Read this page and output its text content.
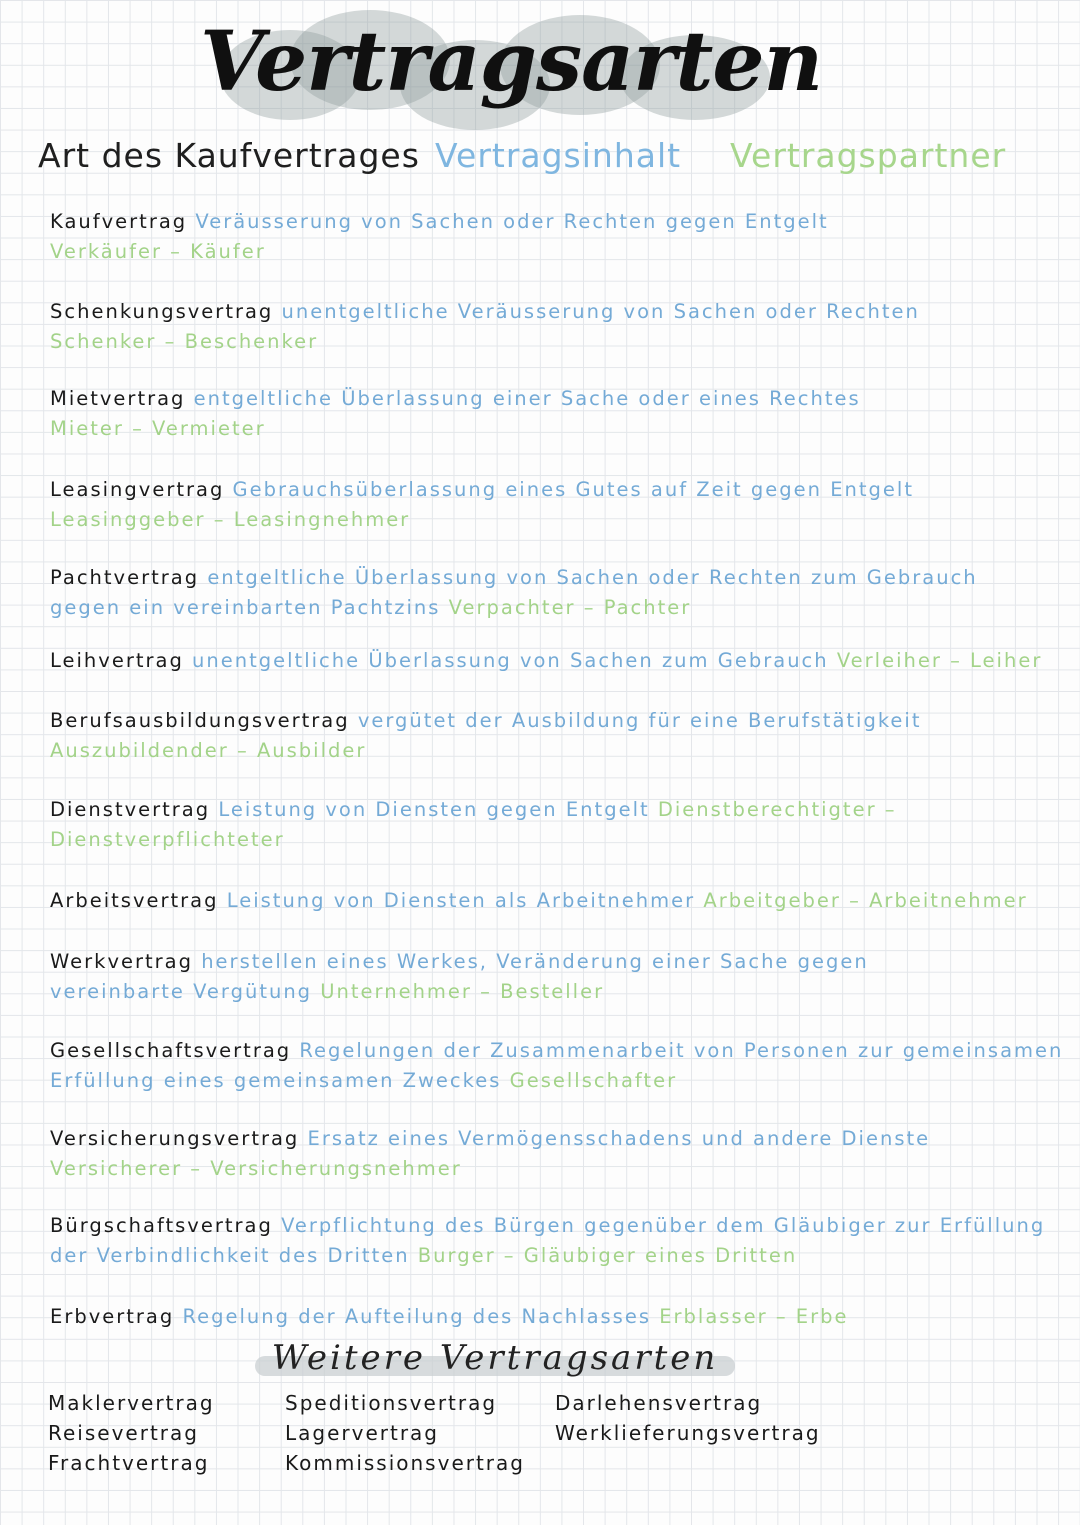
Vertragsarten
Art des Kaufvertrages Vertragsinhalt Vertragspartner
Kaufvertrag Veräusserung von Sachen oder Rechten gegen Entgelt
Verkäufer – Käufer
Schenkungsvertrag unentgeltliche Veräusserung von Sachen oder Rechten
Schenker – Beschenker
Mietvertrag entgeltliche Überlassung einer Sache oder eines Rechtes
Mieter – Vermieter
Leasingvertrag Gebrauchsüberlassung eines Gutes auf Zeit gegen Entgelt
Leasinggeber – Leasingnehmer
Pachtvertrag entgeltliche Überlassung von Sachen oder Rechten zum Gebrauch
gegen ein vereinbarten Pachtzins Verpachter – Pachter
Leihvertrag unentgeltliche Überlassung von Sachen zum Gebrauch Verleiher – Leiher
Berufsausbildungsvertrag vergütet der Ausbildung für eine Berufstätigkeit
Auszubildender – Ausbilder
Dienstvertrag Leistung von Diensten gegen Entgelt Dienstberechtigter –
Dienstverpflichteter
Arbeitsvertrag Leistung von Diensten als Arbeitnehmer Arbeitgeber – Arbeitnehmer
Werkvertrag herstellen eines Werkes, Veränderung einer Sache gegen
vereinbarte Vergütung Unternehmer – Besteller
Gesellschaftsvertrag Regelungen der Zusammenarbeit von Personen zur gemeinsamen
Erfüllung eines gemeinsamen Zweckes Gesellschafter
Versicherungsvertrag Ersatz eines Vermögensschadens und andere Dienste
Versicherer – Versicherungsnehmer
Bürgschaftsvertrag Verpflichtung des Bürgen gegenüber dem Gläubiger zur Erfüllung
der Verbindlichkeit des Dritten Burger – Gläubiger eines Dritten
Erbvertrag Regelung der Aufteilung des Nachlasses Erblasser – Erbe
Weitere Vertragsarten
Maklervertrag
Reisevertrag
Frachtvertrag
Speditionsvertrag
Lagervertrag
Kommissionsvertrag
Darlehensvertrag
Werklieferungsvertrag
